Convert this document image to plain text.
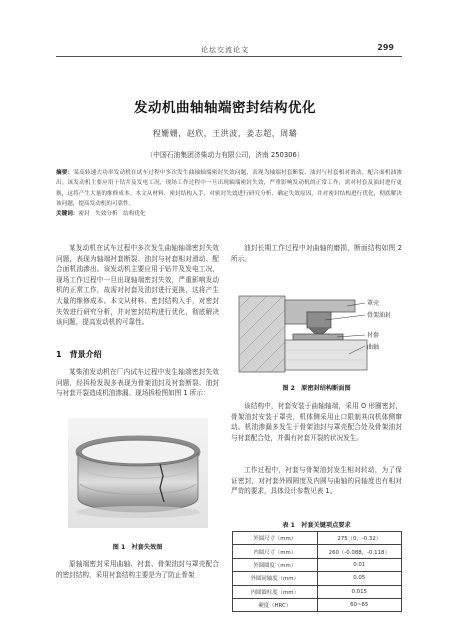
论坛交流论文	299
发动机曲轴轴端密封结构优化
程姗姗，赵欣，王洪波，姜志超，周璐
（中国石油集团济柴动力有限公司，济南 250306）
摘要：某高转速大功率发动机在试车过程中多次发生曲轴轴端密封失效问题，表现为轴端衬套断裂、油封与衬套相对滑动、配合面机油渗出。该发动机主要应用于钻井及发电工况，现场工作过程中一旦出现轴端密封失效，严重影响发动机的正常工作，需对衬套及油封进行更换，这将产生大量的维修成本。本文从材料、密封结构入手，对密封失效进行研究分析，确定失效原因，并对密封结构进行优化，彻底解决该问题，提高发动机的可靠性。
关键词：密封　失效分析　结构优化

某发动机在试车过程中多次发生曲轴轴端密封失效问题，表现为轴端衬套断裂、油封与衬套相对滑动、配合面机油渗出。该发动机主要应用于钻井及发电工况，现场工作过程中一旦出现轴端密封失效，严重影响发动机的正常工作，故需对衬套及油封进行更换，这将产生大量的维修成本。本文从材料、密封结构入手，对密封失效进行研究分析，并对密封结构进行优化，彻底解决该问题，提高发动机的可靠性。

1　背景介绍

某柴油发动机在厂内试车过程中发生轴端密封失效问题，经拆检发现多表现为骨架油封及衬套断裂、油封与衬套开裂造成机油渗漏。现场拆检图如图 1 所示：

图 1　衬套失效图

原轴端密封采用曲轴、衬套、骨架油封与罩壳配合的密封结构，采用衬套结构主要是为了防止骨架

油封长期工作过程中对曲轴的磨损，断面结构如图 2 所示。

罩壳
骨架油封
衬套
曲轴
图 2　原密封结构断面图

该结构中，衬套安装于曲轴轴端，采用 O 形圈密封，骨架油封安装于罩壳，机体侧采用止口限制其向机体侧窜动。机油渗漏多发生于骨架油封与罩壳配合处及骨架油封与衬套配合处，并偶有衬套开裂的状况发生。

工作过程中，衬套与骨架油封发生相对转动，为了保证密封，对衬套外圆圆度及内圆与曲轴的同轴度也有相对严苛的要求，具体设计参数见表 1。

表 1　衬套关键项点要求
外圆尺寸（mm）	275（0，-0.32）
内圆尺寸（mm）	260（-0.088，-0.118）
外圆圆度（mm）	0.01
外圆同轴度（mm）	0.05
内圆圆柱度（mm）	0.015
硬度（HRC）	60~65
